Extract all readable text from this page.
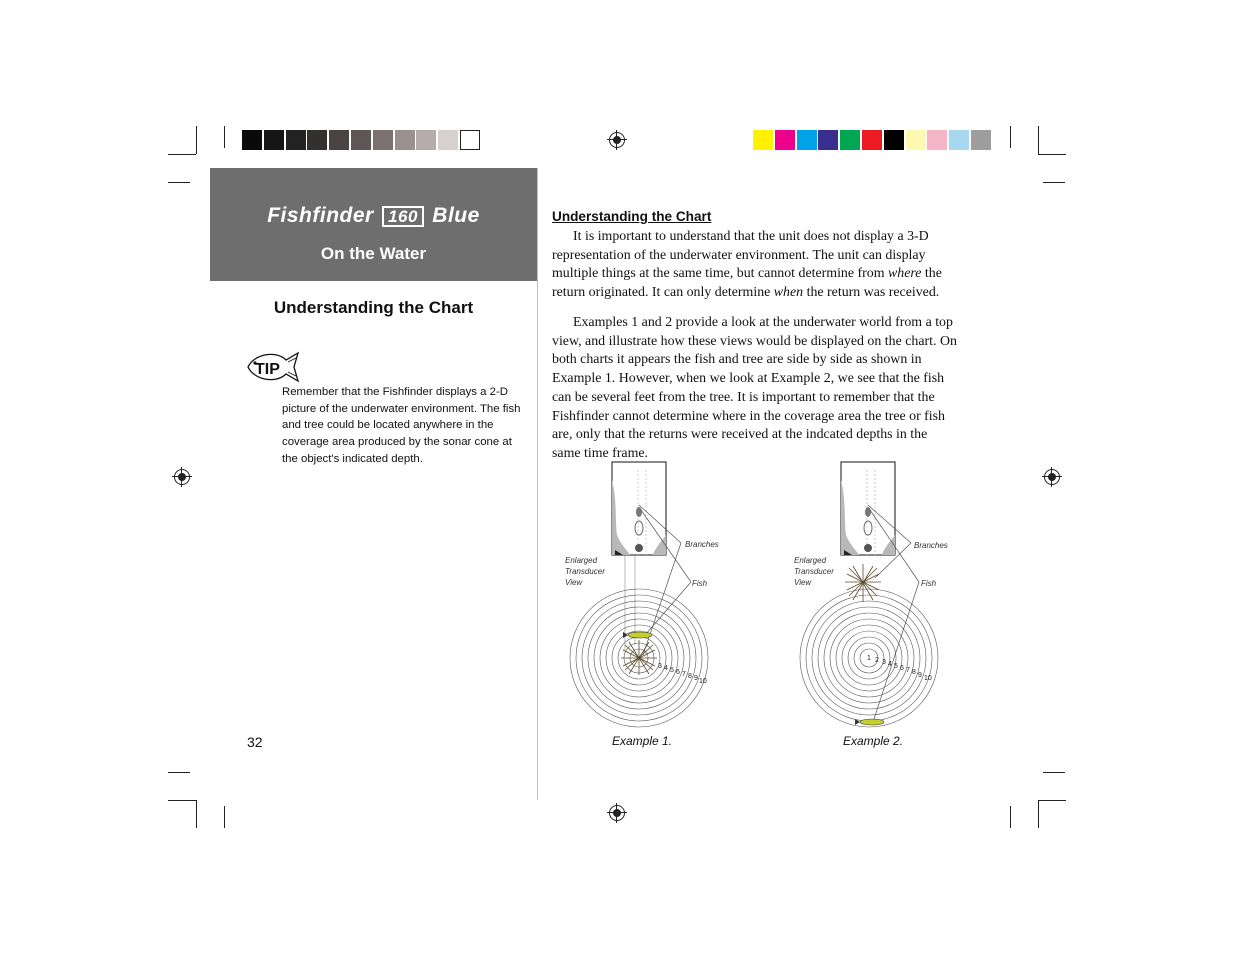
Fishfinder 160 Blue
On the Water
Understanding the Chart
TIP
Remember that the Fishfinder displays a 2-D picture of the underwater environment. The fish and tree could be located anywhere in the coverage area produced by the sonar cone at the object's indicated depth.
32
Understanding the Chart
It is important to understand that the unit does not display a 3-D representation of the underwater environment. The unit can display multiple things at the same time, but cannot determine from where the return originated. It can only determine when the return was received.
Examples 1 and 2 provide a look at the underwater world from a top view, and illustrate how these views would be displayed on the chart. On both charts it appears the fish and tree are side by side as shown in Example 1. However, when we look at Example 2, we see that the fish can be several feet from the tree. It is important to remember that the Fishfinder cannot determine where in the coverage area the tree or fish are, only that the returns were received at the indcated depths in the same time frame.
3 4 5 6 7 8 9 10
Enlarged
Transducer
View
Branches
Fish
Example 1.
1 2 3 4 5 6 7 8 9 10
Enlarged
Transducer
View
Branches
Fish
Example 2.
